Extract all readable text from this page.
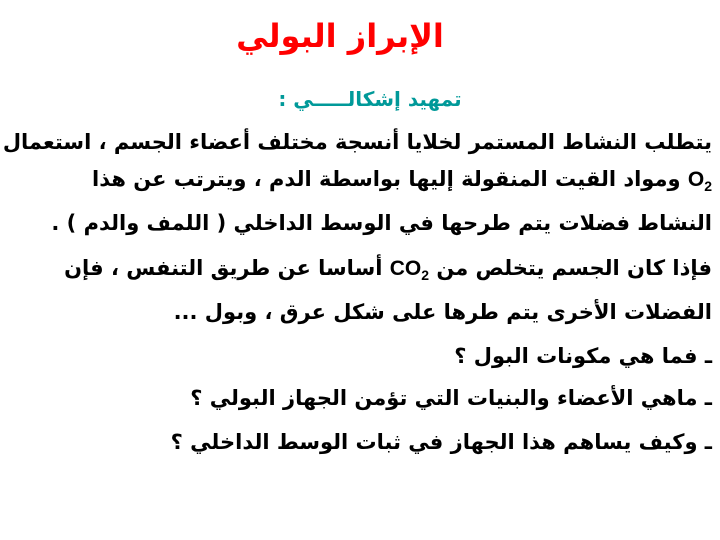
الإبراز البولي
تمهيد إشكالـــــي :
يتطلب النشاط المستمر لخلايا أنسجة مختلف أعضاء الجسم ، استعمال
$O_2$ ومواد القيت المنقولة إليها بواسطة الدم ، ويترتب عن هذا
النشاط فضلات يتم طرحها في الوسط الداخلي ( اللمف والدم ) .
فإذا كان الجسم يتخلص من $CO_2$ أساسا عن طريق التنفس ، فإن
الفضلات الأخرى يتم طرها على شكل عرق ، وبول ...
ـ فما هي مكونات البول ؟
ـ ماهي الأعضاء والبنيات التي تؤمن الجهاز البولي ؟
ـ وكيف يساهم هذا الجهاز في ثبات الوسط الداخلي ؟
